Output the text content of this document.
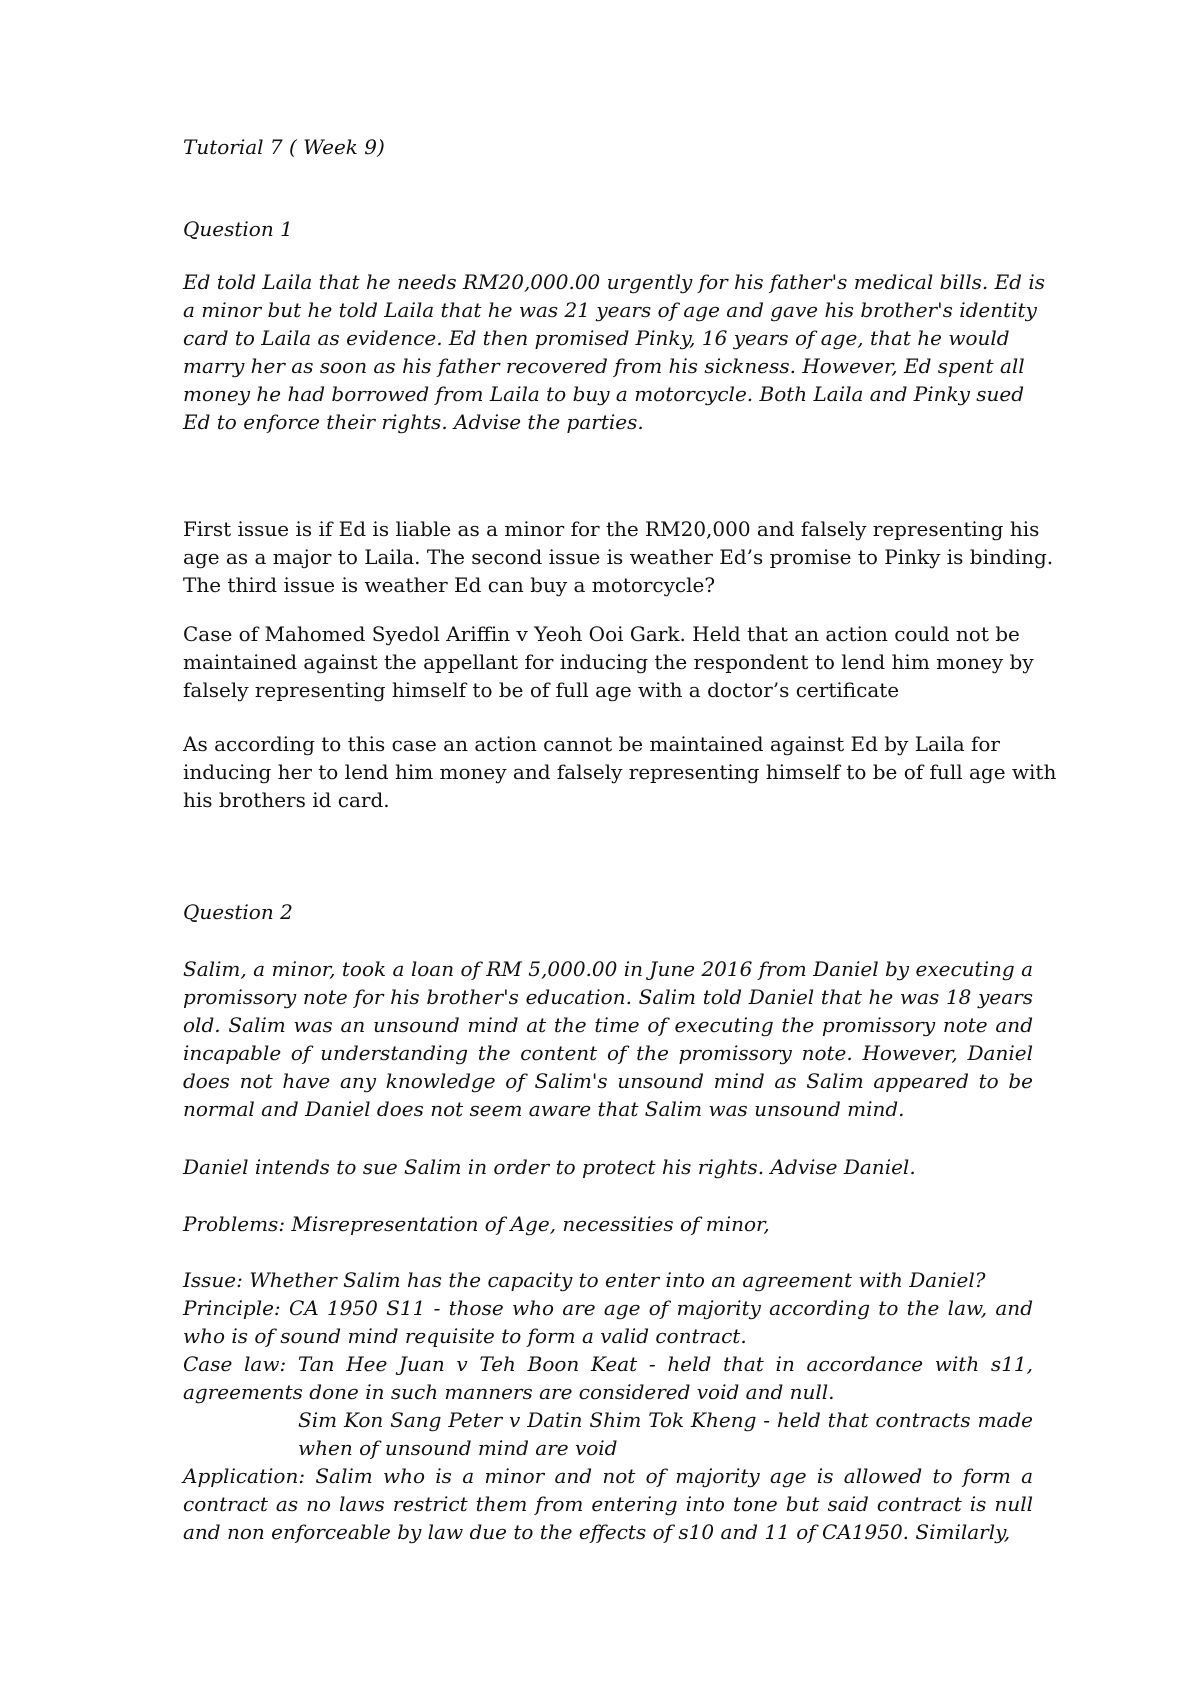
Tutorial 7 ( Week 9)
Question 1
Ed told Laila that he needs RM20,000.00 urgently for his father's medical bills. Ed is
a minor but he told Laila that he was 21 years of age and gave his brother's identity
card to Laila as evidence. Ed then promised Pinky, 16 years of age, that he would
marry her as soon as his father recovered from his sickness. However, Ed spent all
money he had borrowed from Laila to buy a motorcycle. Both Laila and Pinky sued
Ed to enforce their rights. Advise the parties.
First issue is if Ed is liable as a minor for the RM20,000 and falsely representing his
age as a major to Laila. The second issue is weather Ed’s promise to Pinky is binding.
The third issue is weather Ed can buy a motorcycle?
Case of Mahomed Syedol Ariffin v Yeoh Ooi Gark. Held that an action could not be
maintained against the appellant for inducing the respondent to lend him money by
falsely representing himself to be of full age with a doctor’s certificate
As according to this case an action cannot be maintained against Ed by Laila for
inducing her to lend him money and falsely representing himself to be of full age with
his brothers id card.
Question 2
Salim, a minor, took a loan of RM 5,000.00 in June 2016 from Daniel by executing a promissory note for his brother's education. Salim told Daniel that he was 18 years old. Salim was an unsound mind at the time of executing the promissory note and incapable of understanding the content of the promissory note. However, Daniel does not have any knowledge of Salim's unsound mind as Salim appeared to be normal and Daniel does not seem aware that Salim was unsound mind.
Daniel intends to sue Salim in order to protect his rights. Advise Daniel.
Problems: Misrepresentation of Age, necessities of minor,
Issue: Whether Salim has the capacity to enter into an agreement with Daniel?
Principle: CA 1950 S11 - those who are age of majority according to the law, and who is of sound mind requisite to form a valid contract.
Case law: Tan Hee Juan v Teh Boon Keat - held that in accordance with s11, agreements done in such manners are considered void and null.
Sim Kon Sang Peter v Datin Shim Tok Kheng - held that contracts made when of unsound mind are void
Application: Salim who is a minor and not of majority age is allowed to form a contract as no laws restrict them from entering into tone but said contract is null and non enforceable by law due to the effects of s10 and 11 of CA1950. Similarly,
